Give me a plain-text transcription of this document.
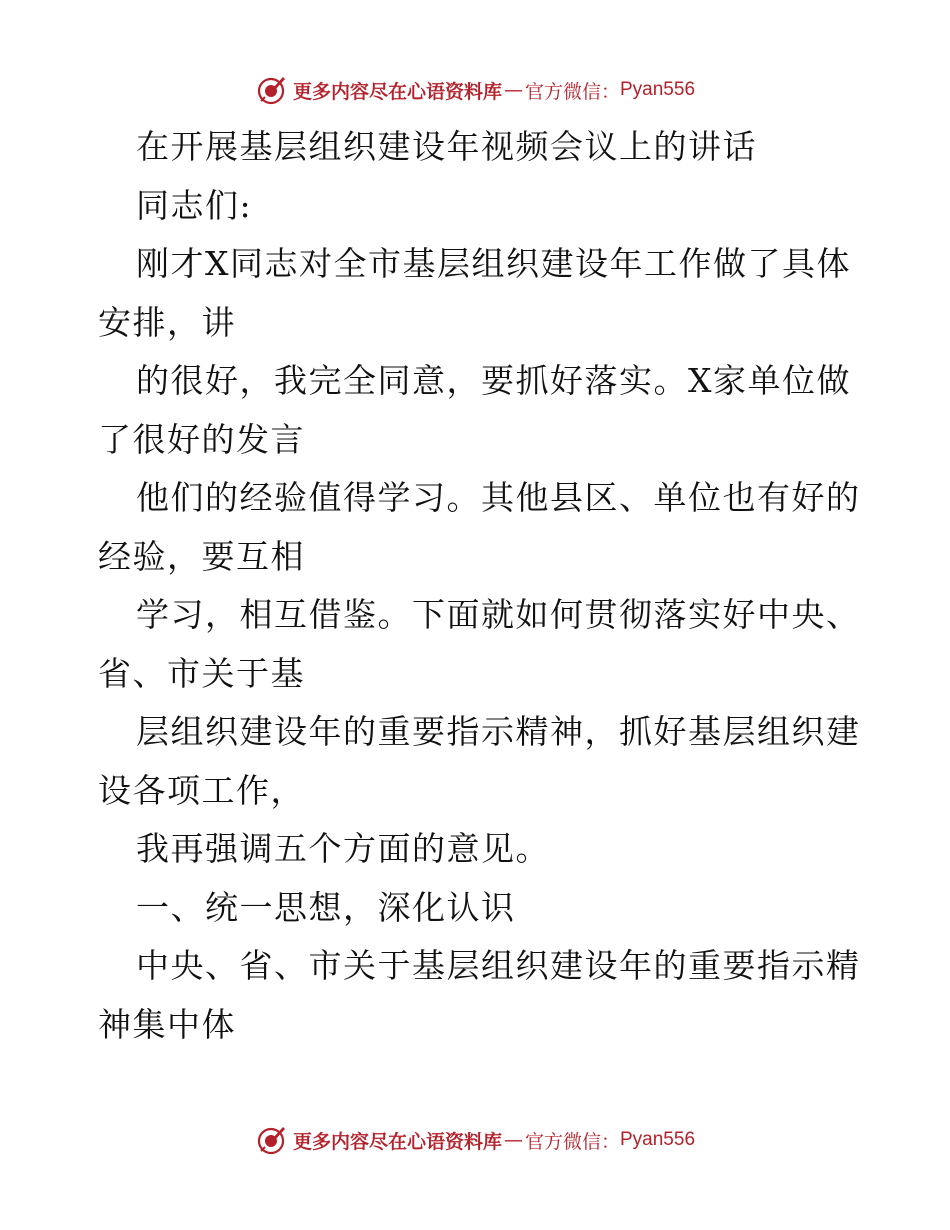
更多内容尽在心语资料库 — 官方微信： Pyan556
在开展基层组织建设年视频会议上的讲话
同志们:
刚才X同志对全市基层组织建设年工作做了具体
安排，讲
的很好，我完全同意，要抓好落实。X家单位做
了很好的发言
他们的经验值得学习。其他县区、单位也有好的
经验，要互相
学习，相互借鉴。下面就如何贯彻落实好中央、
省、市关于基
层组织建设年的重要指示精神，抓好基层组织建
设各项工作，
我再强调五个方面的意见。
一、统一思想，深化认识
中央、省、市关于基层组织建设年的重要指示精
神集中体
更多内容尽在心语资料库 — 官方微信： Pyan556
